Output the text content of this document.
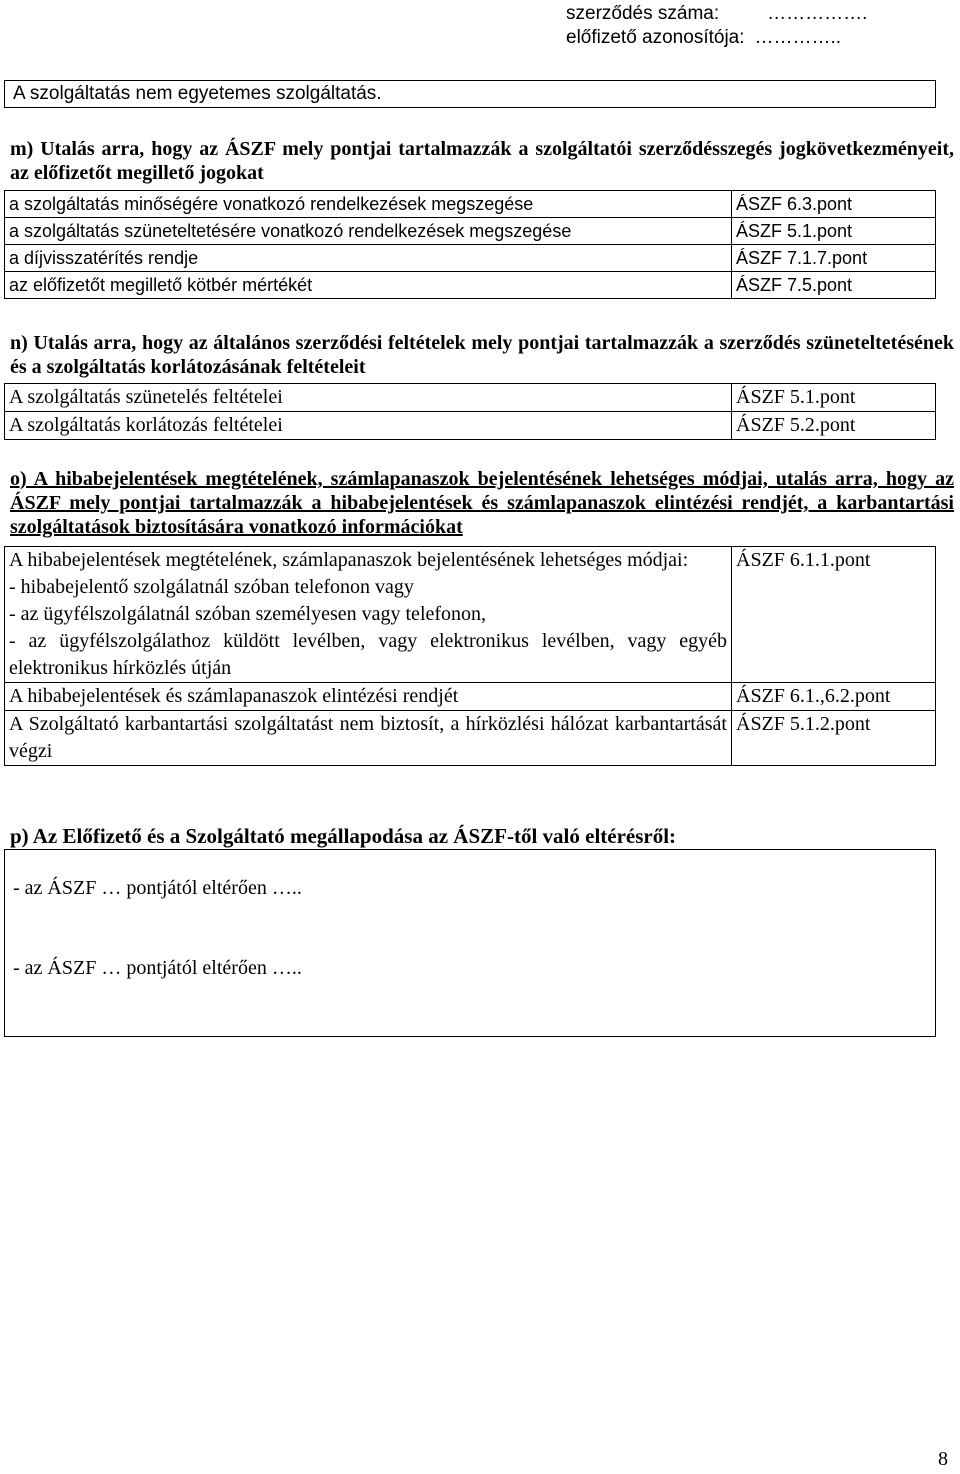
szerződés száma:	…………….
előfizető azonosítója: …………..
A szolgáltatás nem egyetemes szolgáltatás.
m) Utalás arra, hogy az ÁSZF mely pontjai tartalmazzák a szolgáltatói szerződésszegés jogkövetkezményeit, az előfizetőt megillető jogokat
a szolgáltatás minőségére vonatkozó rendelkezések megszegése	ÁSZF 6.3.pont
a szolgáltatás szüneteltetésére vonatkozó rendelkezések megszegése	ÁSZF 5.1.pont
a díjvisszatérítés rendje	ÁSZF 7.1.7.pont
az előfizetőt megillető kötbér mértékét	ÁSZF 7.5.pont
n) Utalás arra, hogy az általános szerződési feltételek mely pontjai tartalmazzák a szerződés szüneteltetésének és a szolgáltatás korlátozásának feltételeit
A szolgáltatás szünetelés feltételei	ÁSZF 5.1.pont
A szolgáltatás korlátozás feltételei	ÁSZF 5.2.pont
o) A hibabejelentések megtételének, számlapanaszok bejelentésének lehetséges módjai, utalás arra, hogy az ÁSZF mely pontjai tartalmazzák a hibabejelentések és számlapanaszok elintézési rendjét, a karbantartási szolgáltatások biztosítására vonatkozó információkat
A hibabejelentések megtételének, számlapanaszok bejelentésének lehetséges módjai:
- hibabejelentő szolgálatnál szóban telefonon vagy
- az ügyfélszolgálatnál szóban személyesen vagy telefonon,
- az ügyfélszolgálathoz küldött levélben, vagy elektronikus levélben, vagy egyéb elektronikus hírközlés útján	ÁSZF 6.1.1.pont
A hibabejelentések és számlapanaszok elintézési rendjét	ÁSZF 6.1.,6.2.pont
A Szolgáltató karbantartási szolgáltatást nem biztosít, a hírközlési hálózat karbantartását végzi	ÁSZF 5.1.2.pont
p) Az Előfizető és a Szolgáltató megállapodása az ÁSZF-től való eltérésről:
- az ÁSZF … pontjától eltérően …..
- az ÁSZF … pontjától eltérően …..
8
